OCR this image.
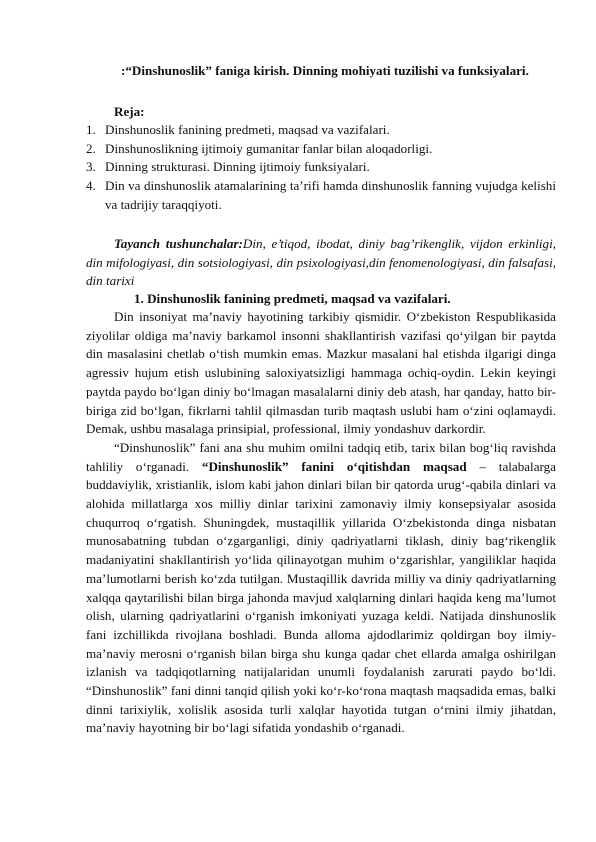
:“Dinshunoslik” faniga kirish. Dinning mohiyati tuzilishi va funksiyalari.
Reja:
1. Dinshunoslik fanining predmeti, maqsad va vazifalari.
2. Dinshunoslikning ijtimoiy gumanitar fanlar bilan aloqadorligi.
3. Dinning strukturasi. Dinning ijtimoiy funksiyalari.
4. Din va dinshunoslik atamalarining ta’rifi hamda dinshunoslik fanning vujudga kelishi va tadrijiy taraqqiyoti.
Tayanch tushunchalar:Din, e’tiqod, ibodat, diniy bag’rikenglik, vijdon erkinligi, din mifologiyasi, din sotsiologiyasi, din psixologiyasi,din fenomenologiyasi, din falsafasi, din tarixi
1. Dinshunoslik fanining predmeti, maqsad va vazifalari.

Din insoniyat ma’naviy hayotining tarkibiy qismidir. O‘zbekiston Respublikasida ziyolilar oldiga ma’naviy barkamol insonni shakllantirish vazifasi qo‘yilgan bir paytda din masalasini chetlab o‘tish mumkin emas. Mazkur masalani hal etishda ilgarigi dinga agressiv hujum etish uslubining saloxiyatsizligi hammaga ochiq-oydin. Lekin keyingi paytda paydo bo‘lgan diniy bo‘lmagan masalalarni diniy deb atash, har qanday, hatto bir-biriga zid bo‘lgan, fikrlarni tahlil qilmasdan turib maqtash uslubi ham o‘zini oqlamaydi. Demak, ushbu masalaga prinsipial, professional, ilmiy yondashuv darkordir.

“Dinshunoslik” fani ana shu muhim omilni tadqiq etib, tarix bilan bog‘liq ravishda tahliliy o‘rganadi. “Dinshunoslik” fanini o‘qitishdan maqsad – talabalarga buddaviylik, xristianlik, islom kabi jahon dinlari bilan bir qatorda urug‘-qabila dinlari va alohida millatlarga xos milliy dinlar tarixini zamonaviy ilmiy konsepsiyalar asosida chuqurroq o‘rgatish. Shuningdek, mustaqillik yillarida O‘zbekistonda dinga nisbatan munosabatning tubdan o‘zgarganligi, diniy qadriyatlarni tiklash, diniy bag‘rikenglik madaniyatini shakllantirish yo‘lida qilinayotgan muhim o‘zgarishlar, yangiliklar haqida ma’lumotlarni berish ko‘zda tutilgan. Mustaqillik davrida milliy va diniy qadriyatlarning xalqqa qaytarilishi bilan birga jahonda mavjud xalqlarning dinlari haqida keng ma’lumot olish, ularning qadriyatlarini o‘rganish imkoniyati yuzaga keldi. Natijada dinshunoslik fani izchillikda rivojlana boshladi. Bunda alloma ajdodlarimiz qoldirgan boy ilmiy-ma’naviy merosni o‘rganish bilan birga shu kunga qadar chet ellarda amalga oshirilgan izlanish va tadqiqotlarning natijalaridan unumli foydalanish zarurati paydo bo‘ldi. “Dinshunoslik” fani dinni tanqid qilish yoki ko‘r-ko‘rona maqtash maqsadida emas, balki dinni tarixiylik, xolislik asosida turli xalqlar hayotida tutgan o‘rnini ilmiy jihatdan, ma’naviy hayotning bir bo‘lagi sifatida yondashib o‘rganadi.
